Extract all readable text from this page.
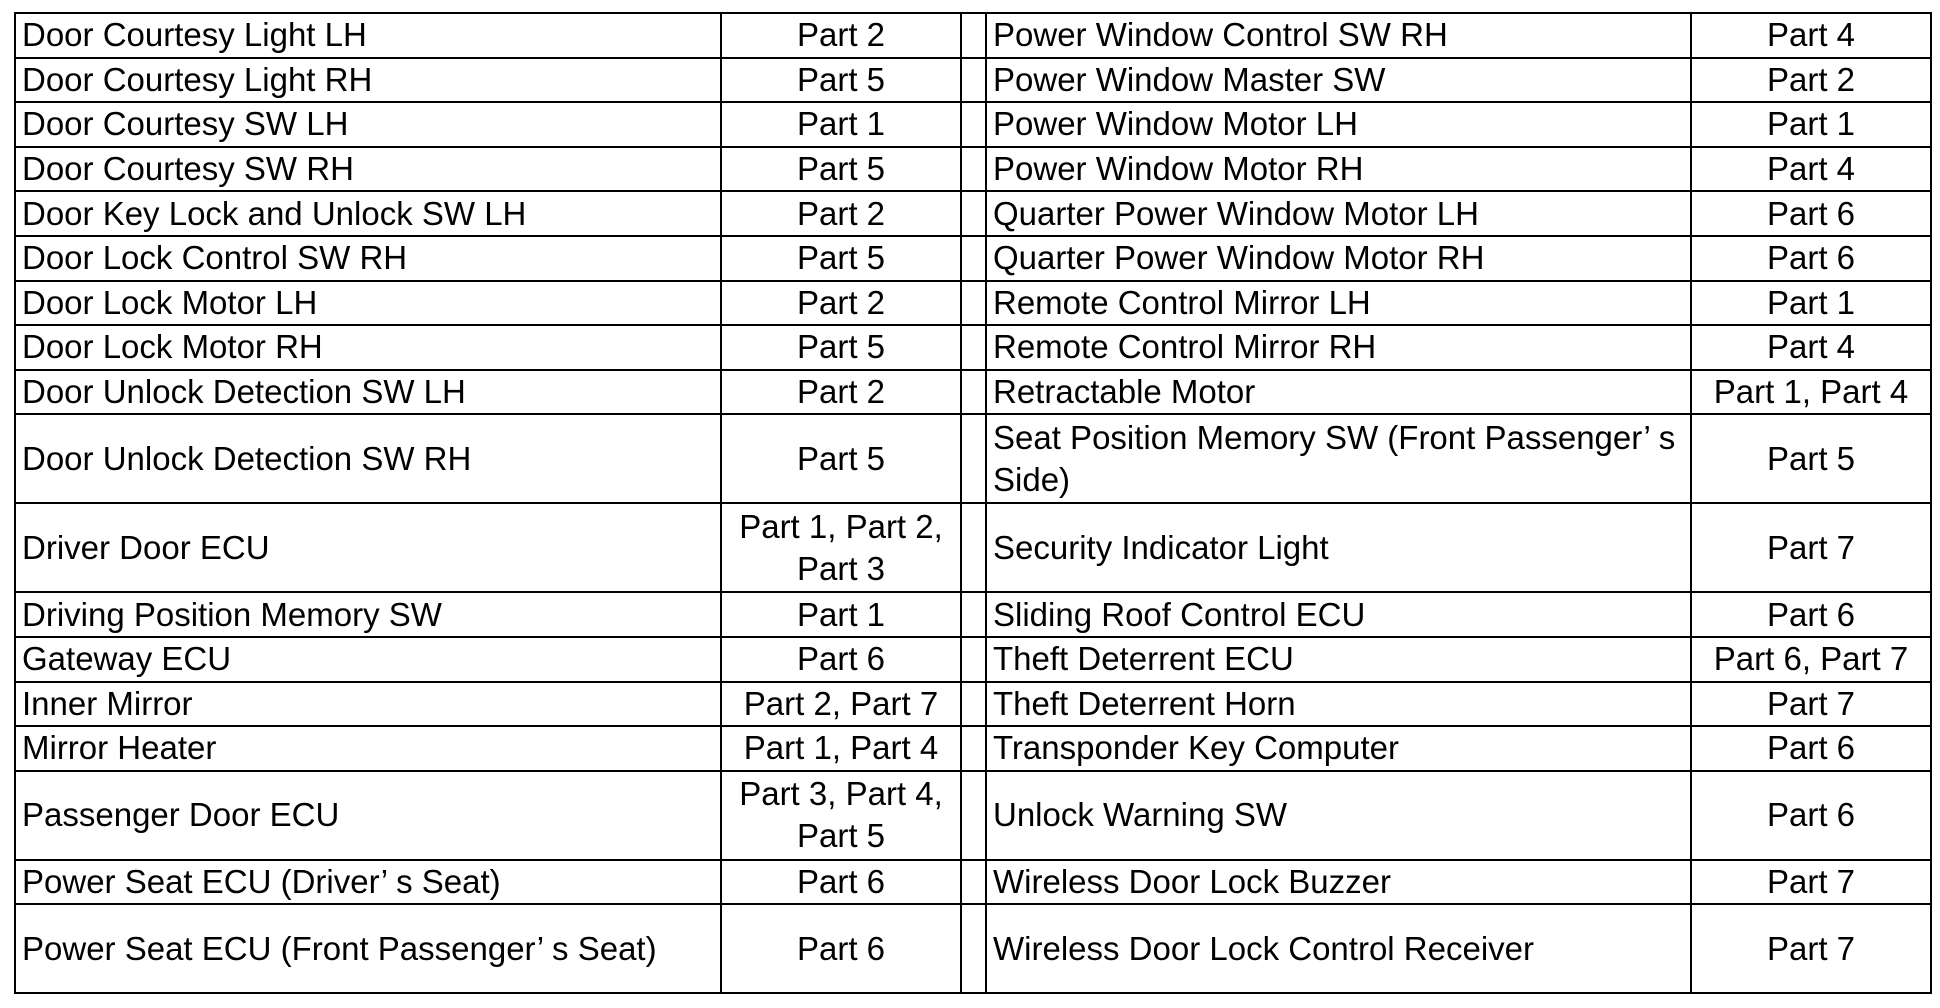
Door Courtesy Light LH	Part 2		Power Window Control SW RH	Part 4
Door Courtesy Light RH	Part 5		Power Window Master SW	Part 2
Door Courtesy SW LH	Part 1		Power Window Motor LH	Part 1
Door Courtesy SW RH	Part 5		Power Window Motor RH	Part 4
Door Key Lock and Unlock SW LH	Part 2		Quarter Power Window Motor LH	Part 6
Door Lock Control SW RH	Part 5		Quarter Power Window Motor RH	Part 6
Door Lock Motor LH	Part 2		Remote Control Mirror LH	Part 1
Door Lock Motor RH	Part 5		Remote Control Mirror RH	Part 4
Door Unlock Detection SW LH	Part 2		Retractable Motor	Part 1, Part 4
Door Unlock Detection SW RH	Part 5		Seat Position Memory SW (Front Passenger’ s Side)	Part 5
Driver Door ECU	Part 1, Part 2, Part 3		Security Indicator Light	Part 7
Driving Position Memory SW	Part 1		Sliding Roof Control ECU	Part 6
Gateway ECU	Part 6		Theft Deterrent ECU	Part 6, Part 7
Inner Mirror	Part 2, Part 7		Theft Deterrent Horn	Part 7
Mirror Heater	Part 1, Part 4		Transponder Key Computer	Part 6
Passenger Door ECU	Part 3, Part 4, Part 5		Unlock Warning SW	Part 6
Power Seat ECU (Driver’ s Seat)	Part 6		Wireless Door Lock Buzzer	Part 7
Power Seat ECU (Front Passenger’ s Seat)	Part 6		Wireless Door Lock Control Receiver	Part 7
